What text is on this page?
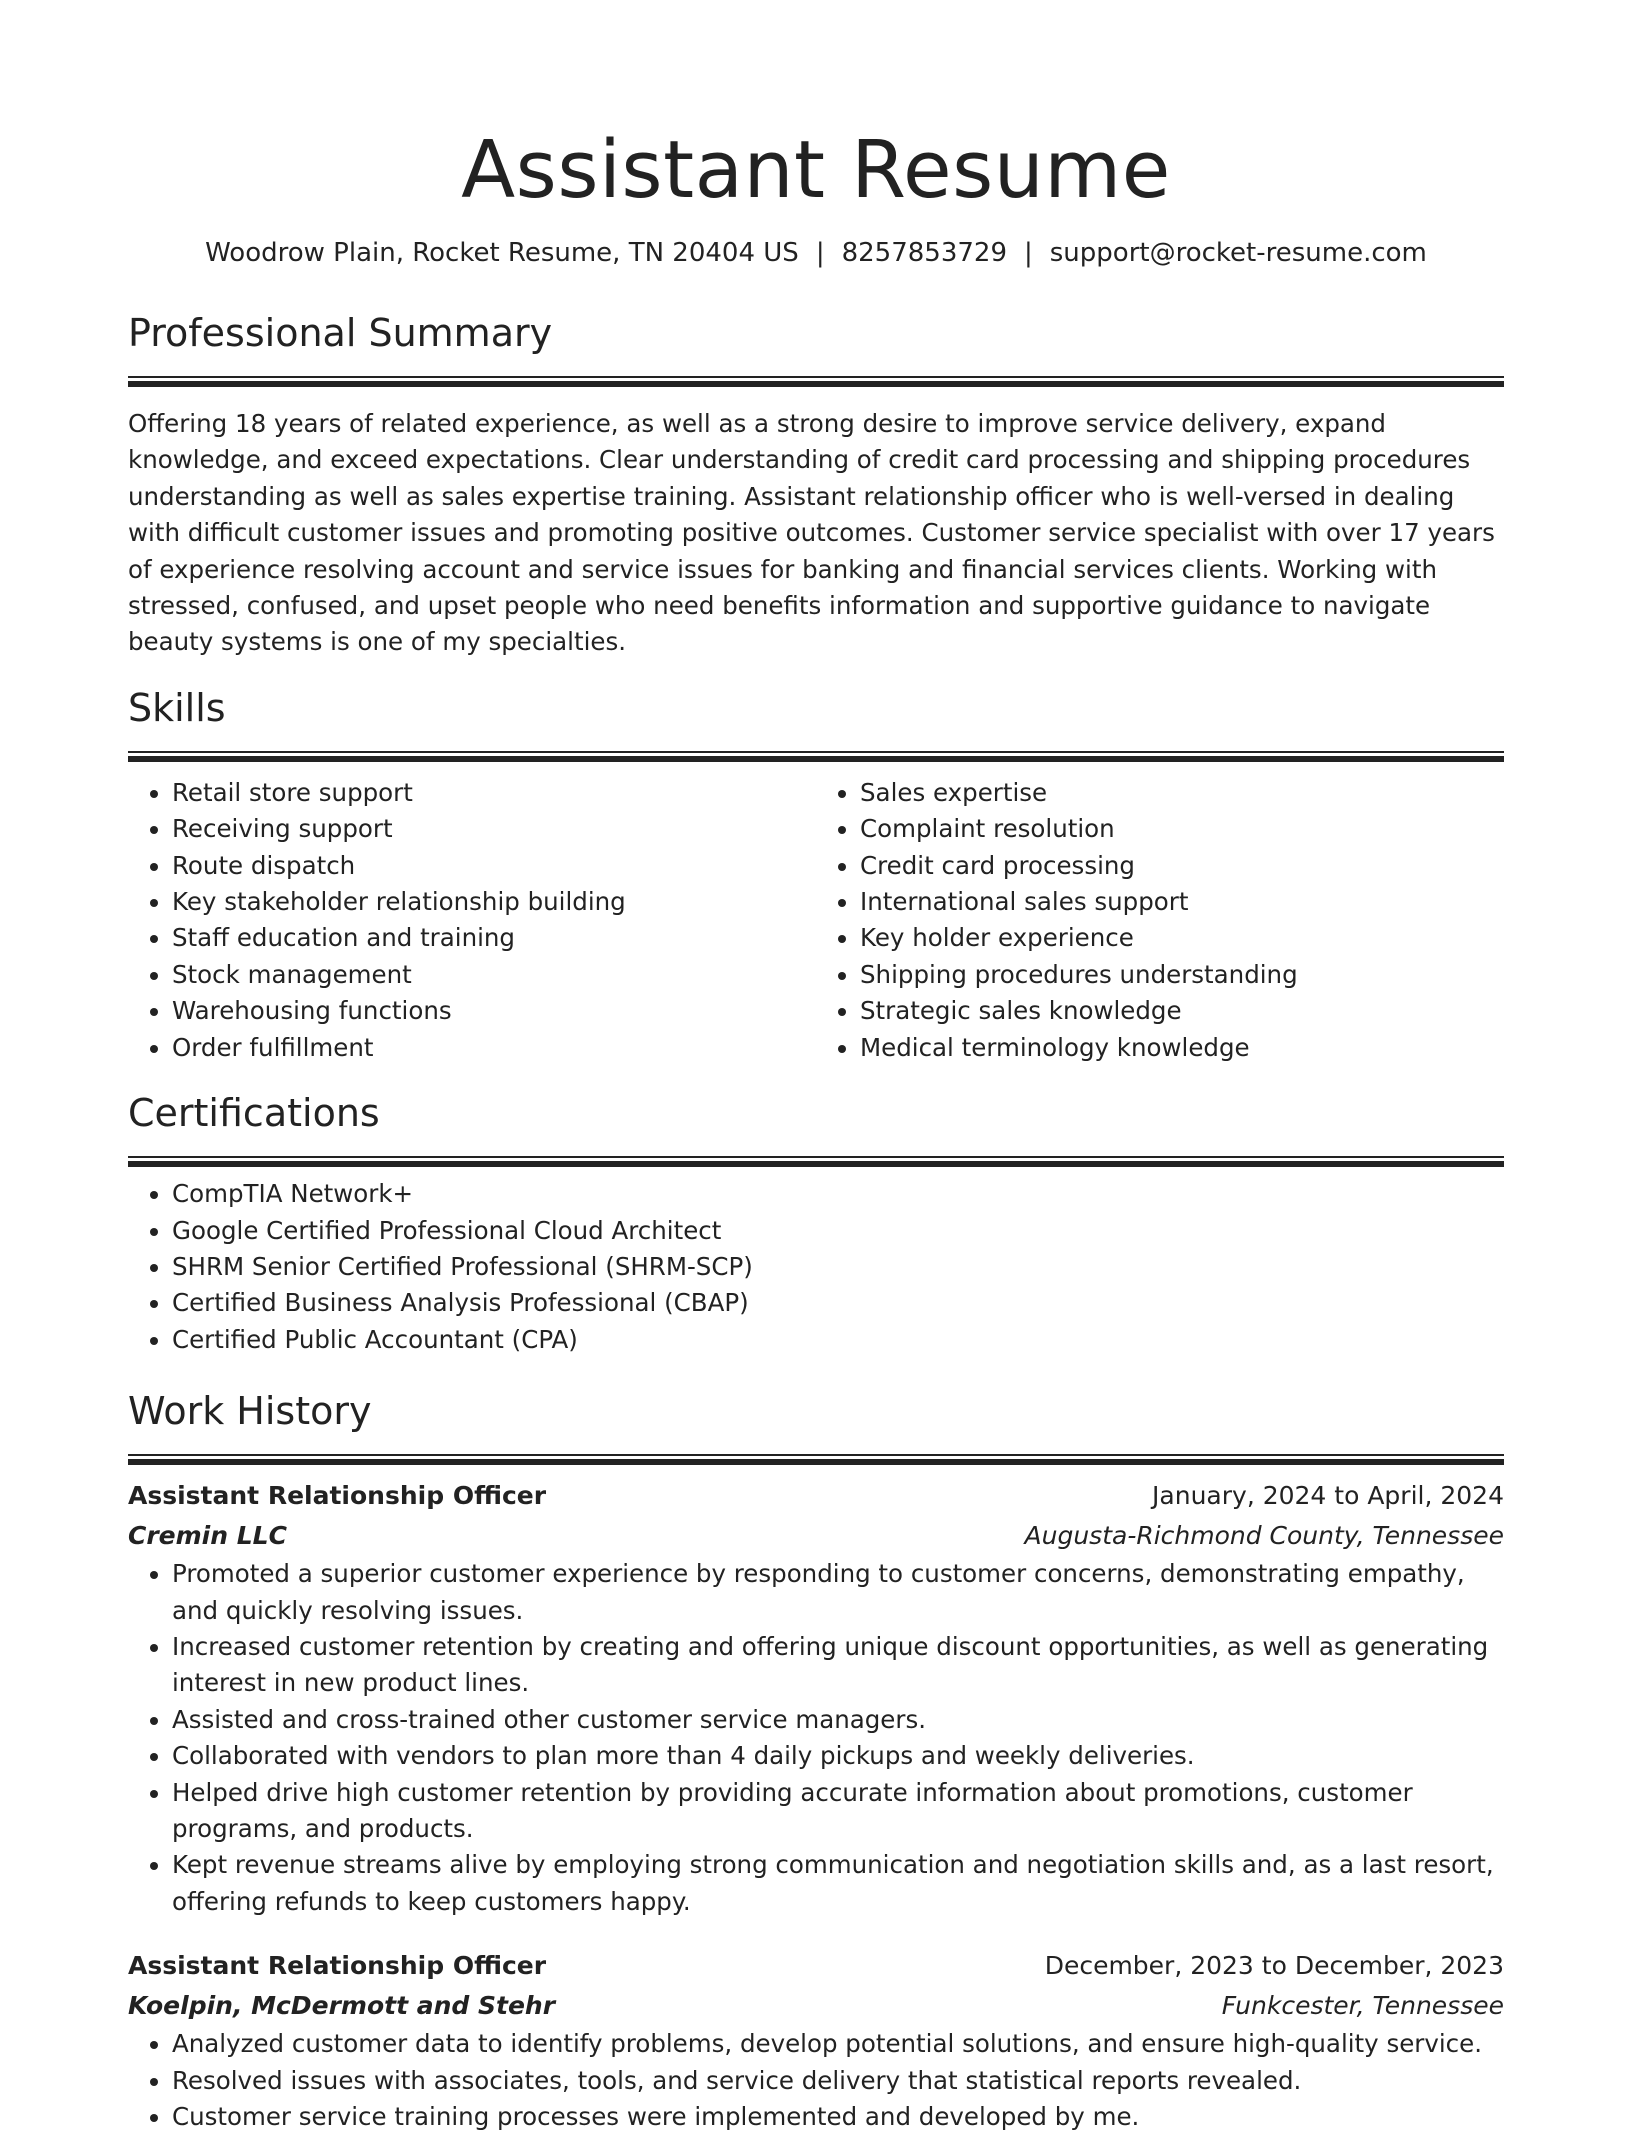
Assistant Resume
Woodrow Plain, Rocket Resume, TN 20404 US | 8257853729 | support@rocket-resume.com
Professional Summary

Offering 18 years of related experience, as well as a strong desire to improve service delivery, expand knowledge, and exceed expectations. Clear understanding of credit card processing and shipping procedures understanding as well as sales expertise training. Assistant relationship officer who is well-versed in dealing with difficult customer issues and promoting positive outcomes. Customer service specialist with over 17 years of experience resolving account and service issues for banking and financial services clients. Working with stressed, confused, and upset people who need benefits information and supportive guidance to navigate beauty systems is one of my specialties.

Skills
• Retail store support
• Receiving support
• Route dispatch
• Key stakeholder relationship building
• Staff education and training
• Stock management
• Warehousing functions
• Order fulfillment
• Sales expertise
• Complaint resolution
• Credit card processing
• International sales support
• Key holder experience
• Shipping procedures understanding
• Strategic sales knowledge
• Medical terminology knowledge
Certifications
• CompTIA Network+
• Google Certified Professional Cloud Architect
• SHRM Senior Certified Professional (SHRM-SCP)
• Certified Business Analysis Professional (CBAP)
• Certified Public Accountant (CPA)
Work History
Assistant Relationship Officer	January, 2024 to April, 2024
Cremin LLC	Augusta-Richmond County, Tennessee
• Promoted a superior customer experience by responding to customer concerns, demonstrating empathy, and quickly resolving issues.
• Increased customer retention by creating and offering unique discount opportunities, as well as generating interest in new product lines.
• Assisted and cross-trained other customer service managers.
• Collaborated with vendors to plan more than 4 daily pickups and weekly deliveries.
• Helped drive high customer retention by providing accurate information about promotions, customer programs, and products.
• Kept revenue streams alive by employing strong communication and negotiation skills and, as a last resort, offering refunds to keep customers happy.
Assistant Relationship Officer	December, 2023 to December, 2023
Koelpin, McDermott and Stehr	Funkcester, Tennessee
• Analyzed customer data to identify problems, develop potential solutions, and ensure high-quality service.
• Resolved issues with associates, tools, and service delivery that statistical reports revealed.
• Customer service training processes were implemented and developed by me.
